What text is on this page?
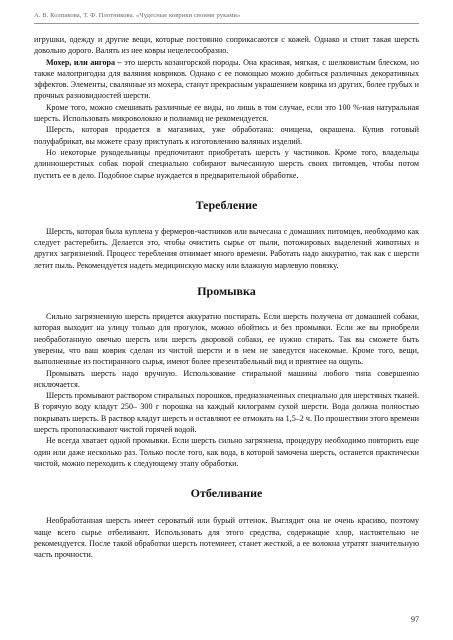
А. В. Колпакова, Т. Ф. Плотникова. «Чудесные коврики своими руками»

игрушки, одежду и другие вещи, которые постоянно соприкасаются с кожей. Однако и стоит такая шерсть довольно дорого. Валять из нее ковры нецелесообразно.

Мохер, или ангора – это шерсть козангорской породы. Она красивая, мягкая, с шелковистым блеском, но также малопригодна для валяния ковриков. Однако с ее помощью можно добиться различных декоративных эффектов. Элементы, свалянные из мохера, станут прекрасным украшением коврика из других, более грубых и прочных разновидностей шерсти.

Кроме того, можно смешивать различные ее виды, но лишь в том случае, если это 100 %-ная натуральная шерсть. Использовать микроволокно и полиамид не рекомендуется.

Шерсть, которая продается в магазинах, уже обработана: очищена, окрашена. Купив готовый полуфабрикат, вы можете сразу приступать к изготовлению валяных изделий.

Но некоторые рукодельницы предпочитают приобретать шерсть у частников. Кроме того, владельцы длинношерстных собак порой специально собирают вычесанную шерсть своих питомцев, чтобы потом пустить ее в дело. Подобное сырье нуждается в предварительной обработке.

Теребление

Шерсть, которая была куплена у фермеров-частников или вычесана с домашних питомцев, необходимо как следует растеребить. Делается это, чтобы очистить сырье от пыли, потожировых выделений животных и других загрязнений. Процесс теребления отнимает много времени. Работать надо аккуратно, так как с шерсти летит пыль. Рекомендуется надеть медицинскую маску или влажную марлевую повязку.

Промывка

Сильно загрязненную шерсть придется аккуратно постирать. Если шерсть получена от домашней собаки, которая выходит на улицу только для прогулок, можно обойтись и без промывки. Если же вы приобрели необработанную овечью шерсть или шерсть дворовой собаки, ее нужно стирать. Так вы сможете быть уверены, что ваш коврик сделан из чистой шерсти и в нем не заведутся насекомые. Кроме того, вещи, выполненные из постиранного сырья, имеют более презентабельный вид и приятнее на ощупь.

Промывать шерсть надо вручную. Использование стиральной машины любого типа совершенно исключается.

Шерсть промывают раствором стиральных порошков, предназначенных специально для шерстяных тканей. В горячую воду кладут 250– 300 г порошка на каждый килограмм сухой шерсти. Вода должна полностью покрывать шерсть. В раствор кладут шерсть и оставляют ее отмокать на 1,5–2 ч. По прошествии этого времени шерсть прополаскивают чистой горячей водой.

Не всегда хватает одной промывки. Если шерсть сильно загрязнена, процедуру необходимо повторить еще один или даже несколько раз. Только после того, как вода, в которой замочена шерсть, останется практически чистой, можно переходить к следующему этапу обработки.

Отбеливание

Необработанная шерсть имеет сероватый или бурый оттенок. Выглядит она не очень красиво, поэтому чаще всего сырье отбеливают. Использовать для этого средства, содержащие хлор, настоятельно не рекомендуется. После такой обработки шерсть потемнеет, станет жесткой, а ее волокна утратят значительную часть прочности.

97
